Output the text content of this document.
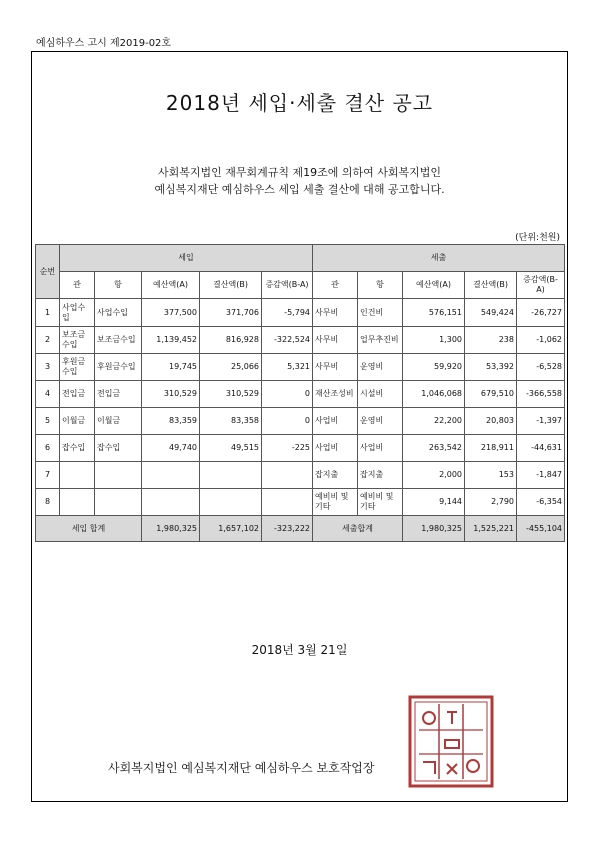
예심하우스 고시 제2019-02호
2018년 세입·세출 결산 공고
사회복지법인 재무회계규칙 제19조에 의하여 사회복지법인
예심복지재단 예심하우스 세입 세출 결산에 대해 공고합니다.
(단위:천원)
순번	세입					세출				
	관	항	예산액(A)	결산액(B)	증감액(B-A)	관	항	예산액(A)	결산액(B)	증감액(B-A)
1	사업수입	사업수입	377,500	371,706	-5,794	사무비	인건비	576,151	549,424	-26,727
2	보조금수입	보조금수입	1,139,452	816,928	-322,524	사무비	업무추진비	1,300	238	-1,062
3	후원금수입	후원금수입	19,745	25,066	5,321	사무비	운영비	59,920	53,392	-6,528
4	전입금	전입금	310,529	310,529	0	재산조성비	시설비	1,046,068	679,510	-366,558
5	이월금	이월금	83,359	83,358	0	사업비	운영비	22,200	20,803	-1,397
6	잡수입	잡수입	49,740	49,515	-225	사업비	사업비	263,542	218,911	-44,631
7						잡지출	잡지출	2,000	153	-1,847
8						예비비 및 기타	예비비 및 기타	9,144	2,790	-6,354
세입 합계			1,980,325	1,657,102	-323,222	세출합계		1,980,325	1,525,221	-455,104
2018년 3월 21일
사회복지법인 예심복지재단 예심하우스 보호작업장
